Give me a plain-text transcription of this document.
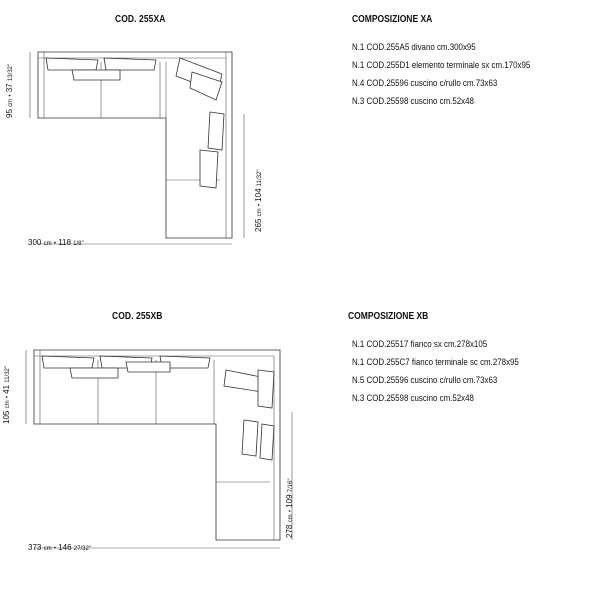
COD. 255XA	COMPOSIZIONE XA
N.1 COD.255A5 divano cm.300x95
N.1 COD.255D1 elemento terminale sx cm.170x95
N.4 COD.25596 cuscino c/rullo cm.73x63
N.3 COD.25598 cuscino cm.52x48
95 cm • 37 13/32"
265 cm • 104 11/32"
300 cm • 118 1/8"
COD. 255XB	COMPOSIZIONE XB
N.1 COD.25517 fianco sx cm.278x105
N.1 COD.255C7 fianco terminale sc cm.278x95
N.5 COD.25596 cuscino c/rullo cm.73x63
N.3 COD.25598 cuscino cm.52x48
105 cm • 41 11/32"
278 cm • 109 7/16"
373 cm • 146 27/32"
